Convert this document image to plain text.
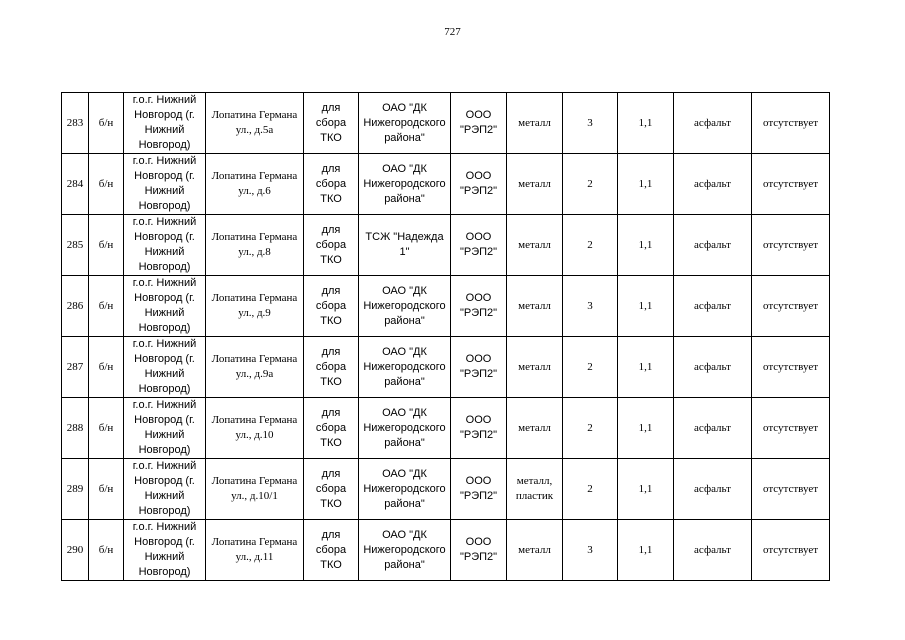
727
283	б/н	г.о.г. Нижний Новгород (г. Нижний Новгород)	Лопатина Германа ул., д.5а	для сбора ТКО	ОАО "ДК Нижегородского района"	ООО "РЭП2"	металл	3	1,1	асфальт	отсутствует
284	б/н	г.о.г. Нижний Новгород (г. Нижний Новгород)	Лопатина Германа ул., д.6	для сбора ТКО	ОАО "ДК Нижегородского района"	ООО "РЭП2"	металл	2	1,1	асфальт	отсутствует
285	б/н	г.о.г. Нижний Новгород (г. Нижний Новгород)	Лопатина Германа ул., д.8	для сбора ТКО	ТСЖ "Надежда 1"	ООО "РЭП2"	металл	2	1,1	асфальт	отсутствует
286	б/н	г.о.г. Нижний Новгород (г. Нижний Новгород)	Лопатина Германа ул., д.9	для сбора ТКО	ОАО "ДК Нижегородского района"	ООО "РЭП2"	металл	3	1,1	асфальт	отсутствует
287	б/н	г.о.г. Нижний Новгород (г. Нижний Новгород)	Лопатина Германа ул., д.9а	для сбора ТКО	ОАО "ДК Нижегородского района"	ООО "РЭП2"	металл	2	1,1	асфальт	отсутствует
288	б/н	г.о.г. Нижний Новгород (г. Нижний Новгород)	Лопатина Германа ул., д.10	для сбора ТКО	ОАО "ДК Нижегородского района"	ООО "РЭП2"	металл	2	1,1	асфальт	отсутствует
289	б/н	г.о.г. Нижний Новгород (г. Нижний Новгород)	Лопатина Германа ул., д.10/1	для сбора ТКО	ОАО "ДК Нижегородского района"	ООО "РЭП2"	металл, пластик	2	1,1	асфальт	отсутствует
290	б/н	г.о.г. Нижний Новгород (г. Нижний Новгород)	Лопатина Германа ул., д.11	для сбора ТКО	ОАО "ДК Нижегородского района"	ООО "РЭП2"	металл	3	1,1	асфальт	отсутствует
